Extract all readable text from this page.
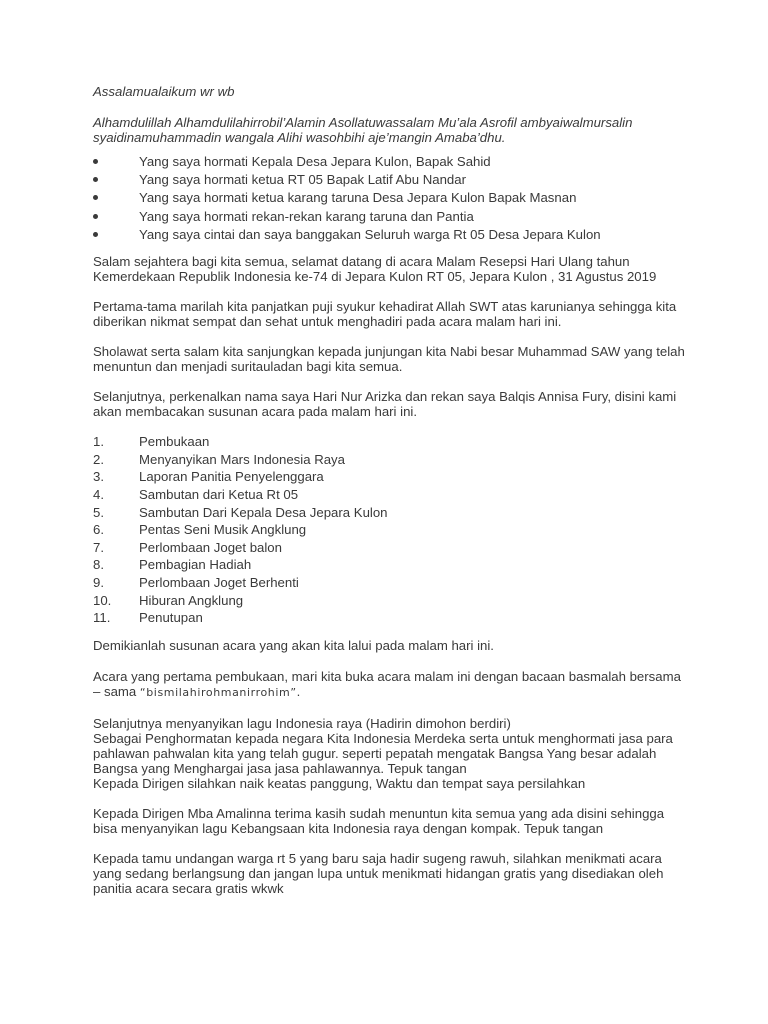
Assalamualaikum wr wb

Alhamdulillah Alhamdulilahirrobil’Alamin Asollatuwassalam Mu’ala Asrofil ambyaiwalmursalin

syaidinamuhammadin wangala Alihi wasohbihi aje’mangin Amaba’dhu.

Yang saya hormati Kepala Desa Jepara Kulon, Bapak Sahid
Yang saya hormati ketua RT 05 Bapak Latif Abu Nandar
Yang saya hormati ketua karang taruna Desa Jepara Kulon Bapak Masnan
Yang saya hormati rekan-rekan karang taruna dan Pantia
Yang saya cintai dan saya banggakan Seluruh warga Rt 05 Desa Jepara Kulon

Salam sejahtera bagi kita semua, selamat datang di acara Malam Resepsi Hari Ulang tahun

Kemerdekaan Republik Indonesia ke-74 di Jepara Kulon RT 05, Jepara Kulon , 31 Agustus 2019

Pertama-tama marilah kita panjatkan puji syukur kehadirat Allah SWT atas karunianya sehingga kita

diberikan nikmat sempat dan sehat untuk menghadiri pada acara malam hari ini.

Sholawat serta salam kita sanjungkan kepada junjungan kita Nabi besar Muhammad SAW yang telah

menuntun dan menjadi suritauladan bagi kita semua.

Selanjutnya, perkenalkan nama saya Hari Nur Arizka dan rekan saya Balqis Annisa Fury, disini kami

akan membacakan susunan acara pada malam hari ini.

1.	Pembukaan
2.	Menyanyikan Mars Indonesia Raya
3.	Laporan Panitia Penyelenggara
4.	Sambutan dari Ketua Rt 05
5.	Sambutan Dari Kepala Desa Jepara Kulon
6.	Pentas Seni Musik Angklung
7.	Perlombaan Joget balon
8.	Pembagian Hadiah
9.	Perlombaan Joget Berhenti
10. Hiburan Angklung
11. Penutupan

Demikianlah susunan acara yang akan kita lalui pada malam hari ini.

Acara yang pertama pembukaan, mari kita buka acara malam ini dengan bacaan basmalah bersama

– sama “bismilahirohmanirrohim”.

Selanjutnya menyanyikan lagu Indonesia raya (Hadirin dimohon berdiri)

Sebagai Penghormatan kepada negara Kita Indonesia Merdeka serta untuk menghormati jasa para

pahlawan pahwalan kita yang telah gugur. seperti pepatah mengatak Bangsa Yang besar adalah

Bangsa yang Menghargai jasa jasa pahlawannya. Tepuk tangan

Kepada Dirigen silahkan naik keatas panggung, Waktu dan tempat saya persilahkan

Kepada Dirigen Mba Amalinna terima kasih sudah menuntun kita semua yang ada disini sehingga

bisa menyanyikan lagu Kebangsaan kita Indonesia raya dengan kompak. Tepuk tangan

Kepada tamu undangan warga rt 5 yang baru saja hadir sugeng rawuh, silahkan menikmati acara

yang sedang berlangsung dan jangan lupa untuk menikmati hidangan gratis yang disediakan oleh

panitia acara secara gratis wkwk
